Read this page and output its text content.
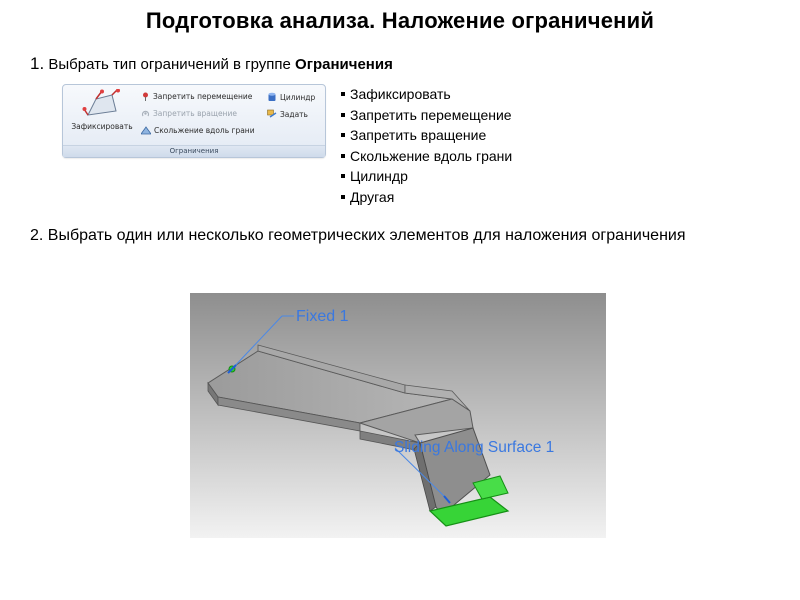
Подготовка анализа. Наложение ограничений
1. Выбрать тип ограничений в группе Ограничения
Зафиксировать
Запретить перемещение
Запретить вращение
Скольжение вдоль грани
Цилиндр
Задать
Ограничения
Зафиксировать
Запретить перемещение
Запретить вращение
Скольжение вдоль грани
Цилиндр
Другая
2. Выбрать один или несколько геометрических элементов для наложения ограничения
Fixed 1
Sliding Along Surface 1
